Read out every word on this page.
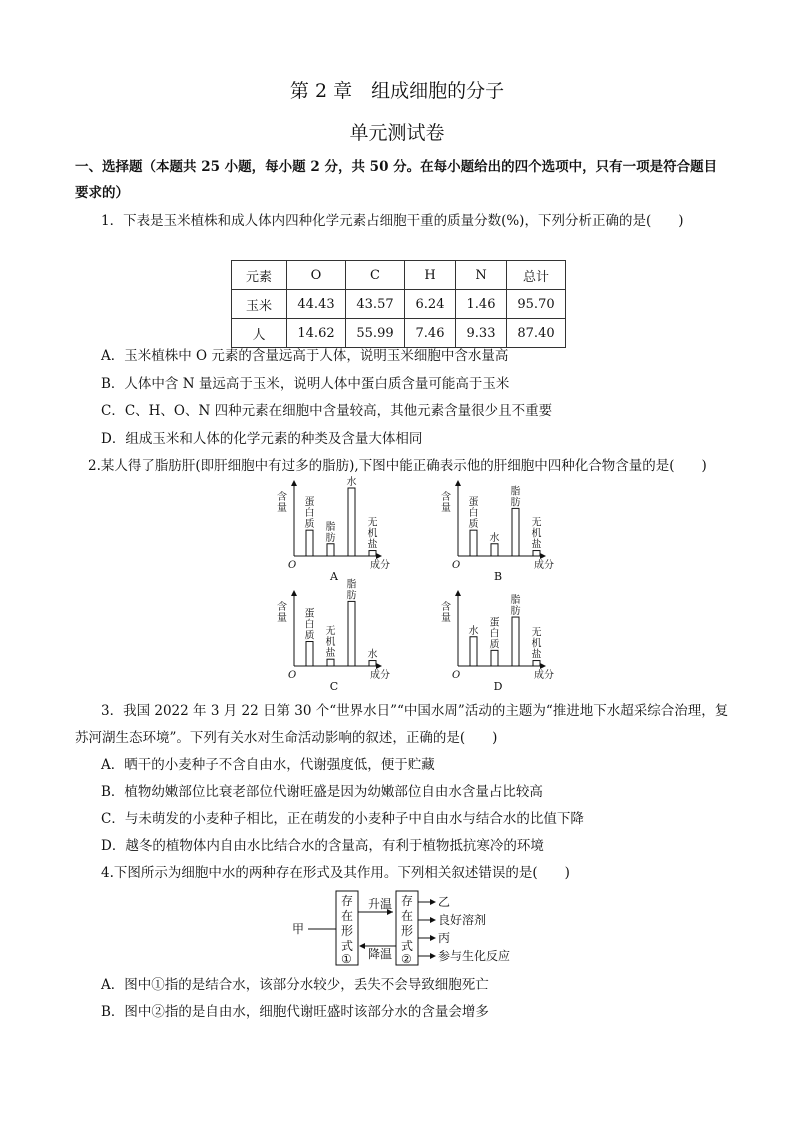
第 2 章　组成细胞的分子
单元测试卷
一、选择题（本题共 25 小题，每小题 2 分，共 50 分。在每小题给出的四个选项中，只有一项是符合题目
要求的）
1．下表是玉米植株和成人体内四种化学元素占细胞干重的质量分数(%)，下列分析正确的是(　　)
元素	O	C	H	N	总计
玉米	44.43	43.57	6.24	1.46	95.70
人	14.62	55.99	7.46	9.33	87.40
A．玉米植株中 O 元素的含量远高于人体，说明玉米细胞中含水量高
B．人体中含 N 量远高于玉米，说明人体中蛋白质含量可能高于玉米
C．C、H、O、N 四种元素在细胞中含量较高，其他元素含量很少且不重要
D．组成玉米和人体的化学元素的种类及含量大体相同
2.某人得了脂肪肝(即肝细胞中有过多的脂肪),下图中能正确表示他的肝细胞中四种化合物含量的是(　　)
含量
成分
O
蛋白质 脂肪
水
无机盐
A
含量
成分
O
蛋白质
水
脂肪
无机盐
B
含量
成分
O
蛋白质 无机盐
脂肪
水
C
含量
成分
O
水
蛋白质
脂肪
无机盐
D
3．我国 2022 年 3 月 22 日第 30 个“世界水日”“中国水周”活动的主题为“推进地下水超采综合治理，复
苏河湖生态环境”。下列有关水对生命活动影响的叙述，正确的是(　　)
A．晒干的小麦种子不含自由水，代谢强度低，便于贮藏
B．植物幼嫩部位比衰老部位代谢旺盛是因为幼嫩部位自由水含量占比较高
C．与未萌发的小麦种子相比，正在萌发的小麦种子中自由水与结合水的比值下降
D．越冬的植物体内自由水比结合水的含量高，有利于植物抵抗寒冷的环境
4.下图所示为细胞中水的两种存在形式及其作用。下列相关叙述错误的是(　　)
甲
存
在
形
式
①
升温
降温
存
在
形
式
②
乙
良好溶剂
丙
参与生化反应
A．图中①指的是结合水，该部分水较少，丢失不会导致细胞死亡
B．图中②指的是自由水，细胞代谢旺盛时该部分水的含量会增多
